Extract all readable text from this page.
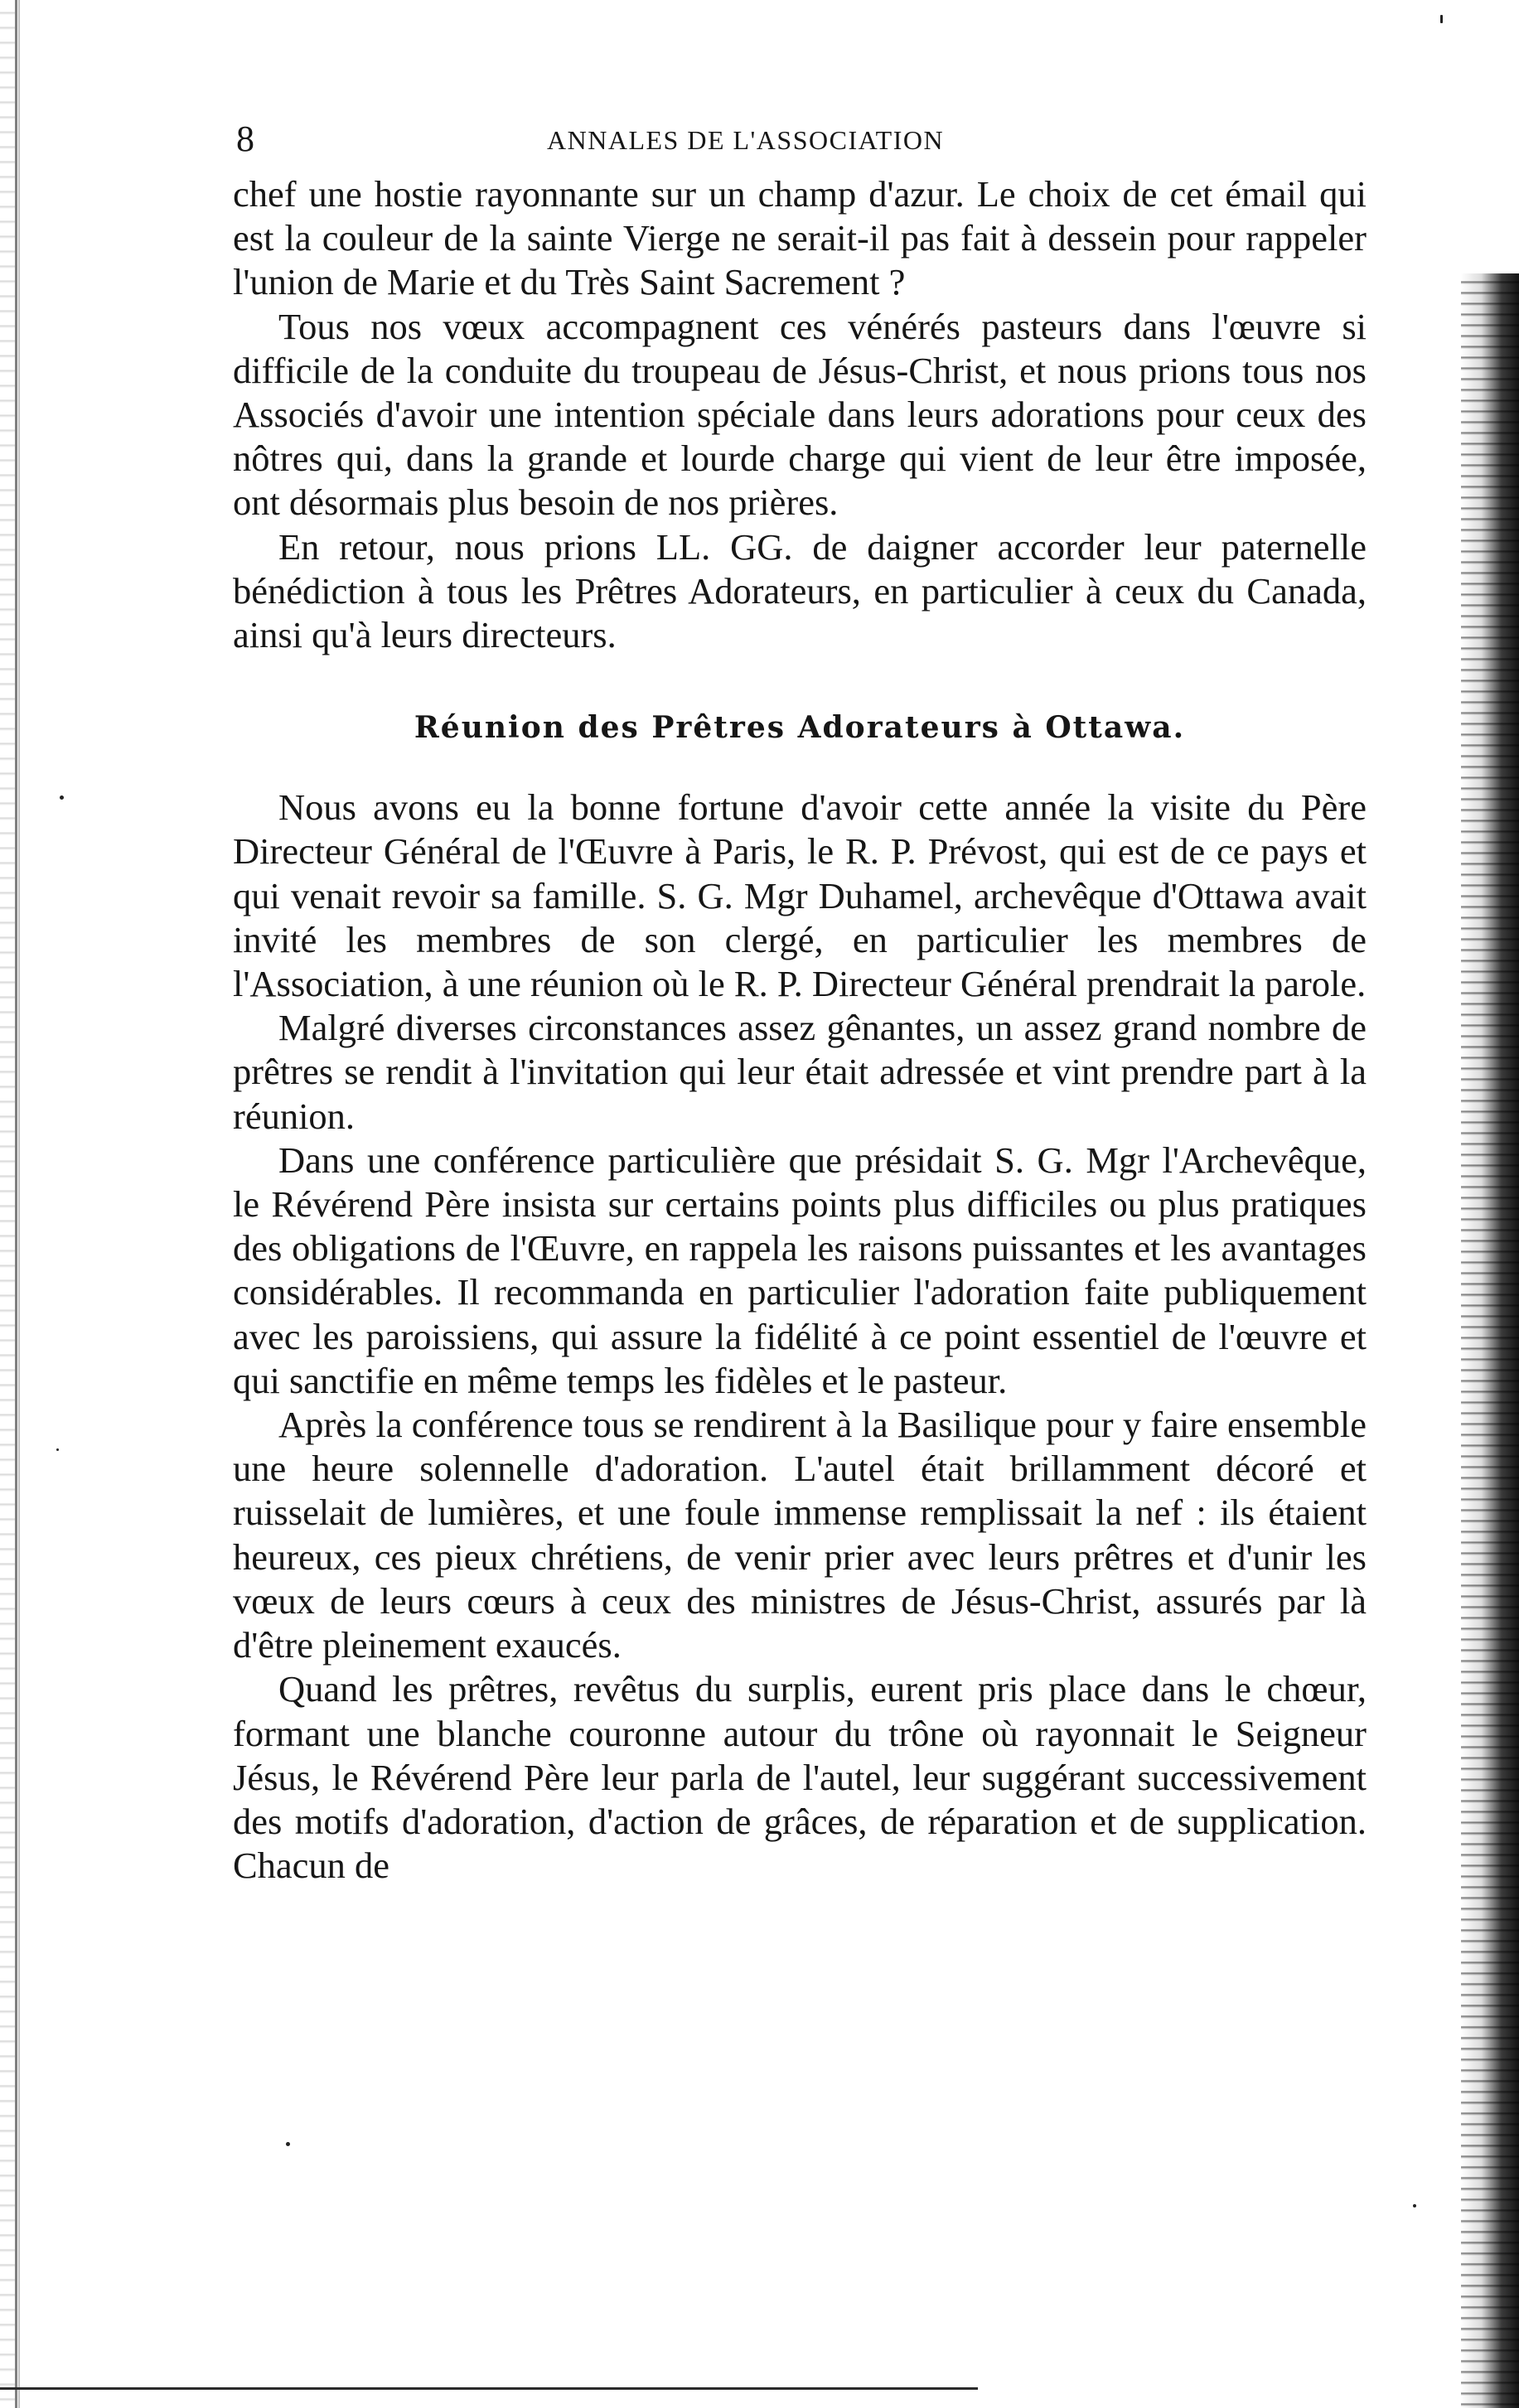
8	ANNALES DE L'ASSOCIATION

chef une hostie rayonnante sur un champ d'azur. Le choix de cet émail qui est la couleur de la sainte Vierge ne serait-il pas fait à dessein pour rappeler l'union de Marie et du Très Saint Sacrement ?

Tous nos vœux accompagnent ces vénérés pasteurs dans l'œuvre si difficile de la conduite du troupeau de Jésus-Christ, et nous prions tous nos Associés d'avoir une intention spéciale dans leurs adorations pour ceux des nôtres qui, dans la grande et lourde charge qui vient de leur être imposée, ont désormais plus besoin de nos prières.

En retour, nous prions LL. GG. de daigner accorder leur paternelle bénédiction à tous les Prêtres Adorateurs, en particulier à ceux du Canada, ainsi qu'à leurs directeurs.

Réunion des Prêtres Adorateurs à Ottawa.

Nous avons eu la bonne fortune d'avoir cette année la visite du Père Directeur Général de l'Œuvre à Paris, le R. P. Prévost, qui est de ce pays et qui venait revoir sa famille. S. G. Mgr Duhamel, archevêque d'Ottawa avait invité les membres de son clergé, en particulier les membres de l'Association, à une réunion où le R. P. Directeur Général prendrait la parole.

Malgré diverses circonstances assez gênantes, un assez grand nombre de prêtres se rendit à l'invitation qui leur était adressée et vint prendre part à la réunion.

Dans une conférence particulière que présidait S. G. Mgr l'Archevêque, le Révérend Père insista sur certains points plus difficiles ou plus pratiques des obligations de l'Œuvre, en rappela les raisons puissantes et les avantages considérables. Il recommanda en particulier l'adoration faite publiquement avec les paroissiens, qui assure la fidélité à ce point essentiel de l'œuvre et qui sanctifie en même temps les fidèles et le pasteur.

Après la conférence tous se rendirent à la Basilique pour y faire ensemble une heure solennelle d'adoration. L'autel était brillamment décoré et ruisselait de lumières, et une foule immense remplissait la nef : ils étaient heureux, ces pieux chrétiens, de venir prier avec leurs prêtres et d'unir les vœux de leurs cœurs à ceux des ministres de Jésus-Christ, assurés par là d'être pleinement exaucés.

Quand les prêtres, revêtus du surplis, eurent pris place dans le chœur, formant une blanche couronne autour du trône où rayonnait le Seigneur Jésus, le Révérend Père leur parla de l'autel, leur suggérant successivement des motifs d'adoration, d'action de grâces, de réparation et de supplication. Chacun de
